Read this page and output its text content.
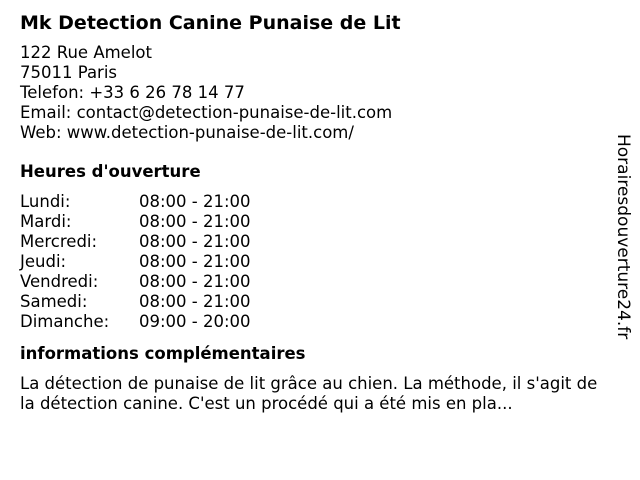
Mk Detection Canine Punaise de Lit
122 Rue Amelot
75011 Paris
Telefon: +33 6 26 78 14 77
Email: contact@detection-punaise-de-lit.com
Web: www.detection-punaise-de-lit.com/
Heures d'ouverture
Lundi:	08:00 - 21:00
Mardi:	08:00 - 21:00
Mercredi:	08:00 - 21:00
Jeudi:	08:00 - 21:00
Vendredi:	08:00 - 21:00
Samedi:	08:00 - 21:00
Dimanche:	09:00 - 20:00
informations complémentaires
La détection de punaise de lit grâce au chien. La méthode, il s'agit de la détection canine. C'est un procédé qui a été mis en pla...
Horairesdouverture24.fr
